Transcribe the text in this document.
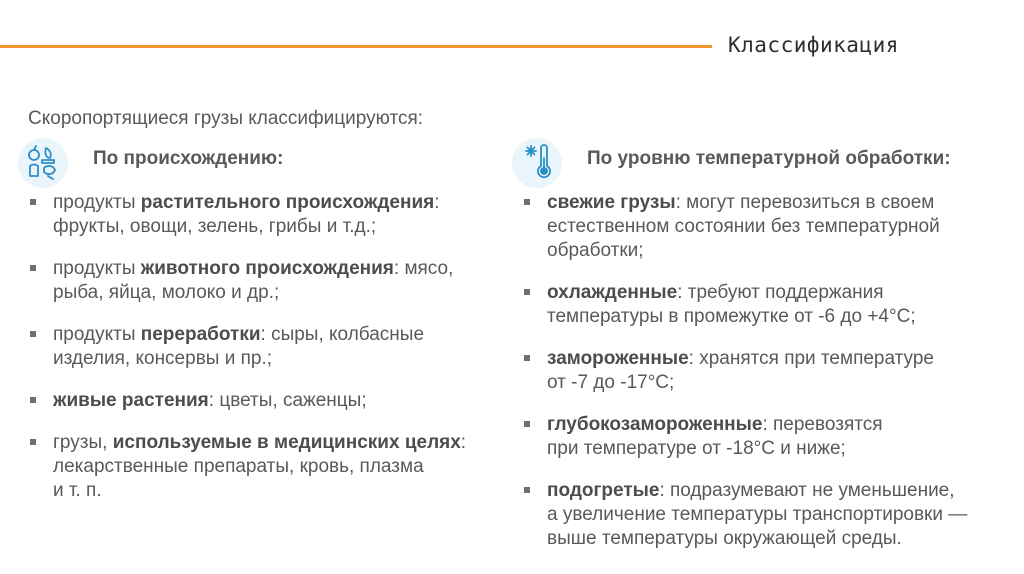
Классификация
Скоропортящиеся грузы классифицируются:
По происхождению:
продукты растительного происхождения:
фрукты, овощи, зелень, грибы и т.д.;
продукты животного происхождения: мясо,
рыба, яйца, молоко и др.;
продукты переработки: сыры, колбасные
изделия, консервы и пр.;
живые растения: цветы, саженцы;
грузы, используемые в медицинских целях:
лекарственные препараты, кровь, плазма
и т. п.
По уровню температурной обработки:
свежие грузы: могут перевозиться в своем
естественном состоянии без температурной
обработки;
охлажденные: требуют поддержания
температуры в промежутке от -6 до +4°С;
замороженные: хранятся при температуре
от -7 до -17°С;
глубокозамороженные: перевозятся
при температуре от -18°С и ниже;
подогретые: подразумевают не уменьшение,
а увеличение температуры транспортировки —
выше температуры окружающей среды.
